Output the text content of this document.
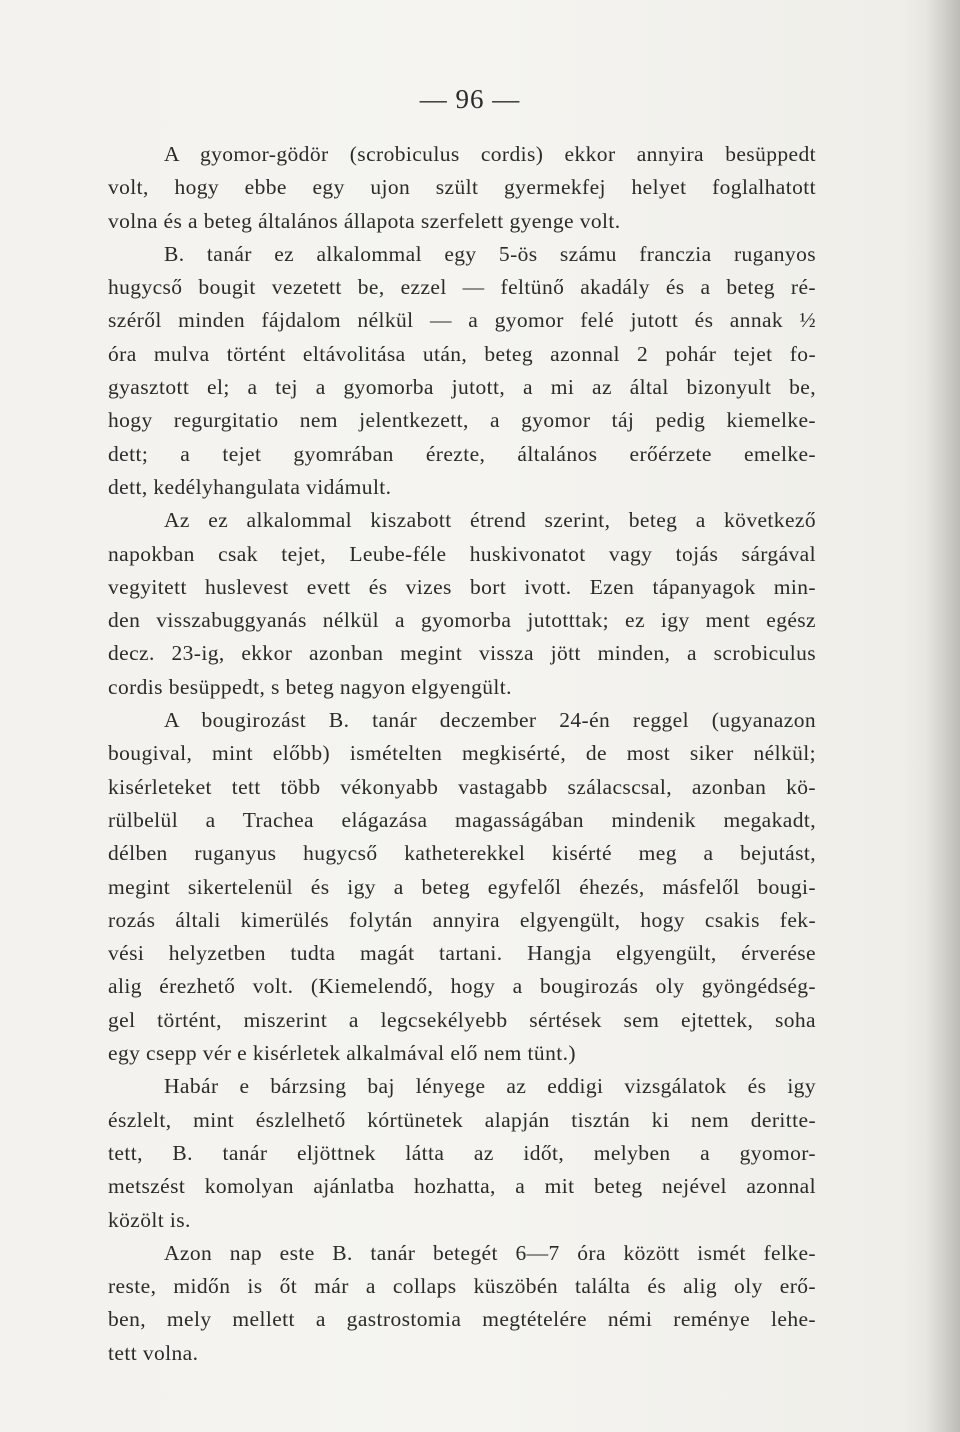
— 96 —

A gyomor-gödör (scrobiculus cordis) ekkor annyira besüppedt
volt, hogy ebbe egy ujon szült gyermekfej helyet foglalhatott
volna és a beteg általános állapota szerfelett gyenge volt.

B. tanár ez alkalommal egy 5-ös számu franczia ruganyos
hugycső bougit vezetett be, ezzel — feltünő akadály és a beteg ré-
széről minden fájdalom nélkül — a gyomor felé jutott és annak ½
óra mulva történt eltávolitása után, beteg azonnal 2 pohár tejet fo-
gyasztott el; a tej a gyomorba jutott, a mi az által bizonyult be,
hogy regurgitatio nem jelentkezett, a gyomor táj pedig kiemelke-
dett; a tejet gyomrában érezte, általános erőérzete emelke-
dett, kedélyhangulata vidámult.

Az ez alkalommal kiszabott étrend szerint, beteg a következő
napokban csak tejet, Leube-féle huskivonatot vagy tojás sárgával
vegyitett huslevest evett és vizes bort ivott. Ezen tápanyagok min-
den visszabuggyanás nélkül a gyomorba jutotttak; ez igy ment egész
decz. 23-ig, ekkor azonban megint vissza jött minden, a scrobiculus
cordis besüppedt, s beteg nagyon elgyengült.

A bougirozást B. tanár deczember 24-én reggel (ugyanazon
bougival, mint előbb) ismételten megkisérté, de most siker nélkül;
kisérleteket tett több vékonyabb vastagabb szálacscsal, azonban kö-
rülbelül a Trachea elágazása magasságában mindenik megakadt,
délben ruganyus hugycső katheterekkel kisérté meg a bejutást,
megint sikertelenül és igy a beteg egyfelől éhezés, másfelől bougi-
rozás általi kimerülés folytán annyira elgyengült, hogy csakis fek-
vési helyzetben tudta magát tartani. Hangja elgyengült, érverése
alig érezhető volt. (Kiemelendő, hogy a bougirozás oly gyöngédség-
gel történt, miszerint a legcsekélyebb sértések sem ejtettek, soha
egy csepp vér e kisérletek alkalmával elő nem tünt.)

Habár e bárzsing baj lényege az eddigi vizsgálatok és igy
észlelt, mint észlelhető kórtünetek alapján tisztán ki nem deritte-
tett, B. tanár eljöttnek látta az időt, melyben a gyomor-
metszést komolyan ajánlatba hozhatta, a mit beteg nejével azonnal
közölt is.

Azon nap este B. tanár betegét 6—7 óra között ismét felke-
reste, midőn is őt már a collaps küszöbén találta és alig oly erő-
ben, mely mellett a gastrostomia megtételére némi reménye lehe-
tett volna.
